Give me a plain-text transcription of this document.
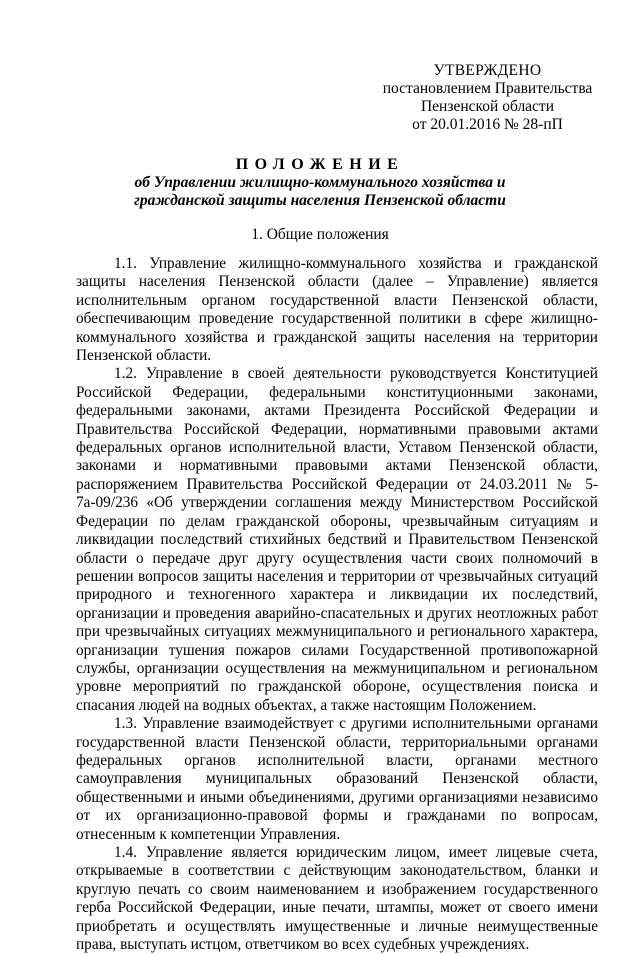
УТВЕРЖДЕНО
постановлением Правительства
Пензенской области
от 20.01.2016 № 28-пП
ПОЛОЖЕНИЕ
об Управлении жилищно-коммунального хозяйства и
гражданской защиты населения Пензенской области
1. Общие положения

1.1. Управление жилищно-коммунального хозяйства и гражданской защиты населения Пензенской области (далее – Управление) является исполнительным органом государственной власти Пензенской области, обеспечивающим проведение государственной политики в сфере жилищно-коммунального хозяйства и гражданской защиты населения на территории Пензенской области.

1.2. Управление в своей деятельности руководствуется Конституцией Российской Федерации, федеральными конституционными законами, федеральными законами, актами Президента Российской Федерации и Правительства Российской Федерации, нормативными правовыми актами федеральных органов исполнительной власти, Уставом Пензенской области, законами и нормативными правовыми актами Пензенской области, распоряжением Правительства Российской Федерации от 24.03.2011 № 5-7а-09/236 «Об утверждении соглашения между Министерством Российской Федерации по делам гражданской обороны, чрезвычайным ситуациям и ликвидации последствий стихийных бедствий и Правительством Пензенской области о передаче друг другу осуществления части своих полномочий в решении вопросов защиты населения и территории от чрезвычайных ситуаций природного и техногенного характера и ликвидации их последствий, организации и проведения аварийно-спасательных и других неотложных работ при чрезвычайных ситуациях межмуниципального и регионального характера, организации тушения пожаров силами Государственной противопожарной службы, организации осуществления на межмуниципальном и региональном уровне мероприятий по гражданской обороне, осуществления поиска и спасания людей на водных объектах, а также настоящим Положением.

1.3. Управление взаимодействует с другими исполнительными органами государственной власти Пензенской области, территориальными органами федеральных органов исполнительной власти, органами местного самоуправления муниципальных образований Пензенской области, общественными и иными объединениями, другими организациями независимо от их организационно-правовой формы и гражданами по вопросам, отнесенным к компетенции Управления.

1.4. Управление является юридическим лицом, имеет лицевые счета, открываемые в соответствии с действующим законодательством, бланки и круглую печать со своим наименованием и изображением государственного герба Российской Федерации, иные печати, штампы, может от своего имени приобретать и осуществлять имущественные и личные неимущественные права, выступать истцом, ответчиком во всех судебных учреждениях.
